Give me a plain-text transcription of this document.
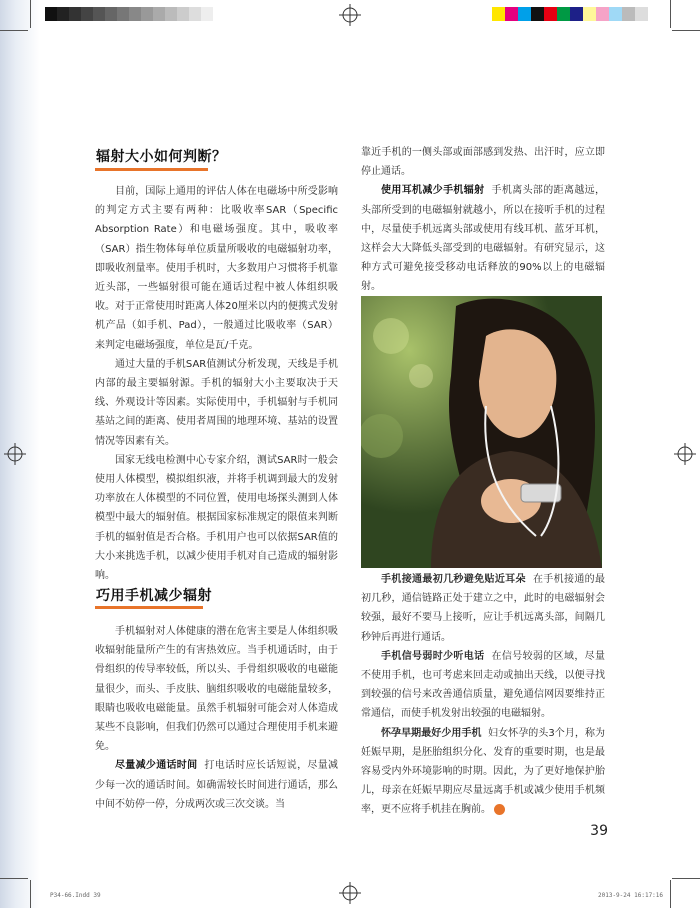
辐射大小如何判断？

目前，国际上通用的评估人体在电磁场中所受影响的判定方式主要有两种：比吸收率SAR（Specific Absorption Rate）和电磁场强度。其中，吸收率（SAR）指生物体每单位质量所吸收的电磁辐射功率，即吸收剂量率。使用手机时，大多数用户习惯将手机靠近头部，一些辐射很可能在通话过程中被人体组织吸收。对于正常使用时距离人体20厘米以内的便携式发射机产品（如手机、Pad），一般通过比吸收率（SAR）来判定电磁场强度，单位是瓦/千克。

通过大量的手机SAR值测试分析发现，天线是手机内部的最主要辐射源。手机的辐射大小主要取决于天线、外观设计等因素。实际使用中，手机辐射与手机同基站之间的距离、使用者周围的地理环境、基站的设置情况等因素有关。

国家无线电检测中心专家介绍，测试SAR时一般会使用人体模型，模拟组织液，并将手机调到最大的发射功率放在人体模型的不同位置，使用电场探头测到人体模型中最大的辐射值。根据国家标准规定的限值来判断手机的辐射值是否合格。手机用户也可以依据SAR值的大小来挑选手机，以减少使用手机对自己造成的辐射影响。

巧用手机减少辐射

手机辐射对人体健康的潜在危害主要是人体组织吸收辐射能量所产生的有害热效应。当手机通话时，由于骨组织的传导率较低，所以头、手骨组织吸收的电磁能量很少，而头、手皮肤、脑组织吸收的电磁能量较多，眼睛也吸收电磁能量。虽然手机辐射可能会对人体造成某些不良影响，但我们仍然可以通过合理使用手机来避免。

尽量减少通话时间 打电话时应长话短说，尽量减少每一次的通话时间。如确需较长时间进行通话，那么中间不妨停一停，分成两次或三次交谈。当

靠近手机的一侧头部或面部感到发热、出汗时，应立即停止通话。

使用耳机减少手机辐射 手机离头部的距离越远，头部所受到的电磁辐射就越小，所以在接听手机的过程中，尽量使手机远离头部或使用有线耳机、蓝牙耳机，这样会大大降低头部受到的电磁辐射。有研究显示，这种方式可避免接受移动电话释放的90%以上的电磁辐射。

手机接通最初几秒避免贴近耳朵 在手机接通的最初几秒，通信链路正处于建立之中，此时的电磁辐射会较强，最好不要马上接听，应让手机远离头部，间隔几秒钟后再进行通话。

手机信号弱时少听电话 在信号较弱的区域，尽量不使用手机，也可考虑来回走动或抽出天线，以便寻找到较强的信号来改善通信质量，避免通信网因要维持正常通信，而使手机发射出较强的电磁辐射。

怀孕早期最好少用手机 妇女怀孕的头3个月，称为妊娠早期，是胚胎组织分化、发育的重要时期，也是最容易受内外环境影响的时期。因此，为了更好地保护胎儿，母亲在妊娠早期应尽量远离手机或减少使用手机频率，更不应将手机挂在胸前。	文

39
P34-66.Indd 39	2013-9-24 16:17:16
